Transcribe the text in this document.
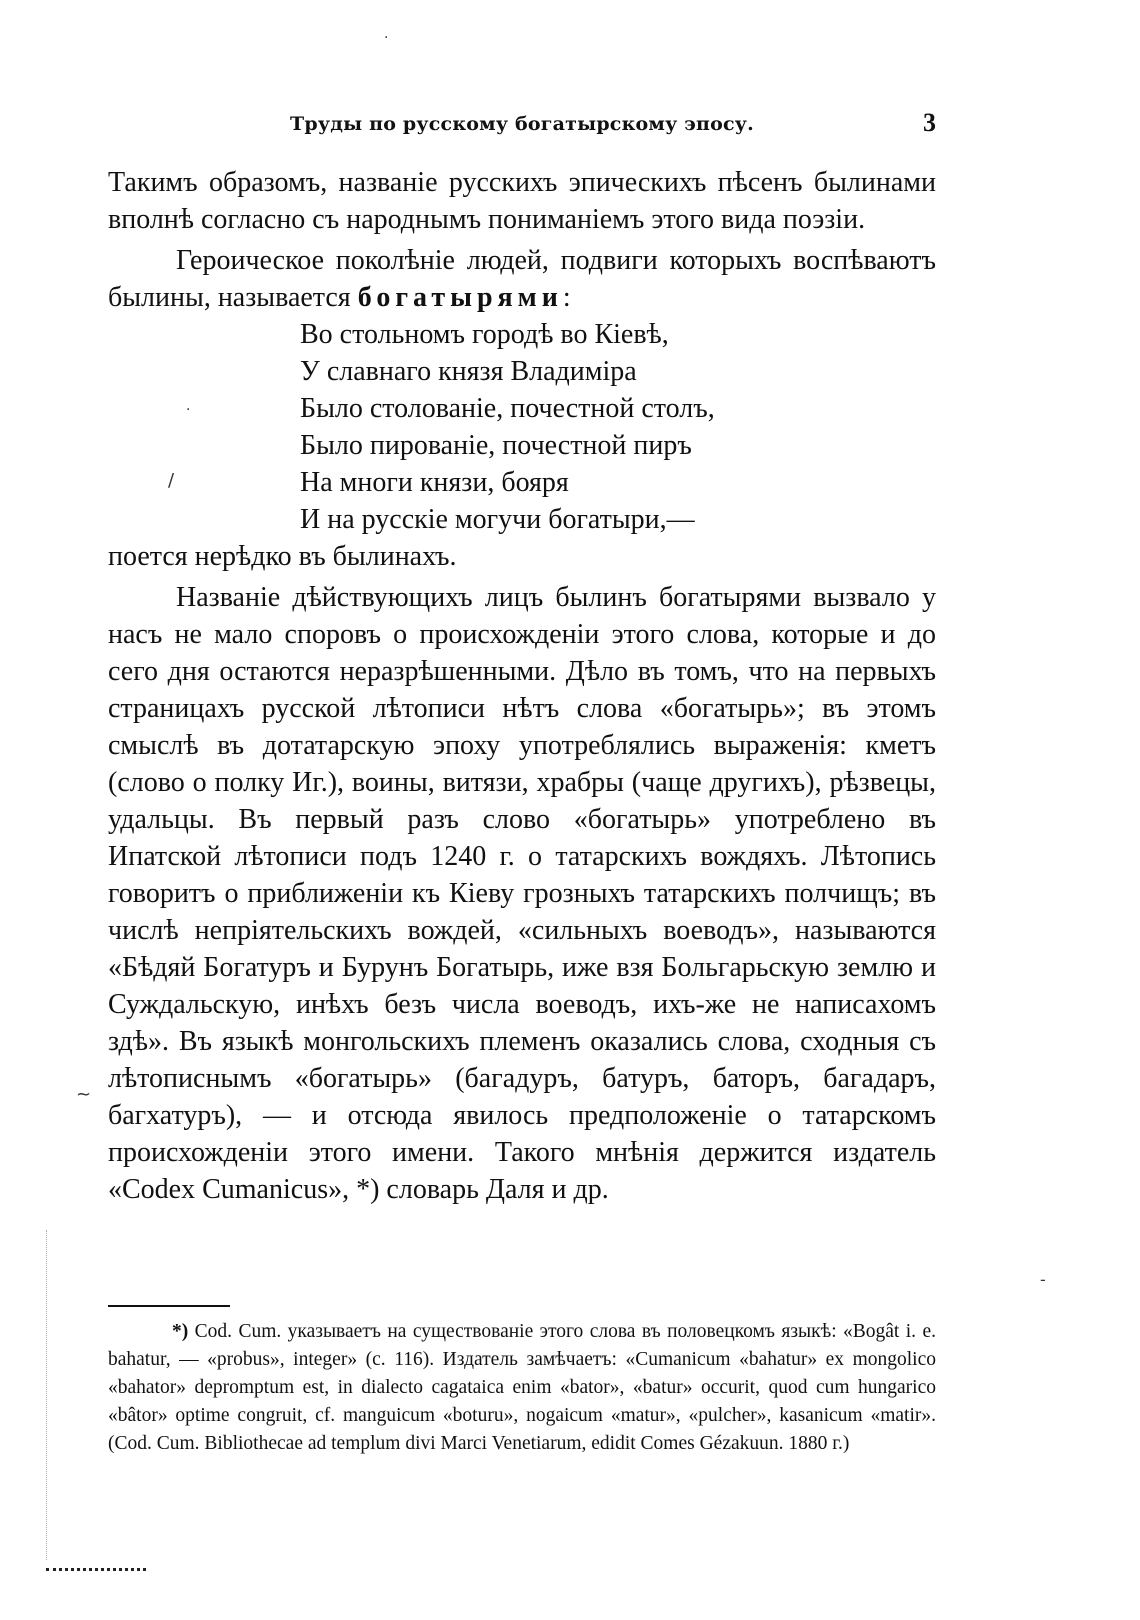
Труды по русскому богатырскому эпосу.	3

Такимъ образомъ, названіе русскихъ эпическихъ пѣсенъ былинами вполнѣ согласно съ народнымъ пониманіемъ этого вида поэзіи.

Героическое поколѣніе людей, подвиги которыхъ воспѣваютъ былины, называется богатырями:

Во стольномъ городѣ во Кіевѣ,
У славнаго князя Владиміра
Было столованіе, почестной столъ,
Было пированіе, почестной пиръ
На многи князи, бояря
И на русскіе могучи богатыри,—

поется нерѣдко въ былинахъ.

Названіе дѣйствующихъ лицъ былинъ богатырями вызвало у насъ не мало споровъ о происхожденіи этого слова, которые и до сего дня остаются неразрѣшенными. Дѣло въ томъ, что на первыхъ страницахъ русской лѣтописи нѣтъ слова «богатырь»; въ этомъ смыслѣ въ дотатарскую эпоху употреблялись выраженія: кметъ (слово о полку Иг.), воины, витязи, храбры (чаще другихъ), рѣзвецы, удальцы. Въ первый разъ слово «богатырь» употреблено въ Ипатской лѣтописи подъ 1240 г. о татарскихъ вождяхъ. Лѣтопись говоритъ о приближеніи къ Кіеву грозныхъ татарскихъ полчищъ; въ числѣ непріятельскихъ вождей, «сильныхъ воеводъ», называются «Бѣдяй Богатуръ и Бурунъ Богатырь, иже взя Больгарьскую землю и Суждальскую, инѣхъ безъ числа воеводъ, ихъ-же не написахомъ здѣ». Въ языкѣ монгольскихъ племенъ оказались слова, сходныя съ лѣтописнымъ «богатырь» (багадуръ, батуръ, баторъ, багадаръ, багхатуръ), — и отсюда явилось предположеніе о татарскомъ происхожденіи этого имени. Такого мнѣнія держится издатель «Codex Cumanicus», *) словарь Даля и др.

*) Cod. Cum. указываетъ на существованіе этого слова въ половецкомъ языкѣ: «Bogât i. e. bahatur, — «probus», integer» (c. 116). Издатель замѣчаетъ: «Cumanicum «bahatur» ex mongolico «bahator» depromptum est, in dialecto cagataica enim «bator», «batur» occurit, quod cum hungarico «bâtor» optime congruit, cf. manguicum «boturu», nogaicum «matur», «pulcher», kasanicum «matir». (Cod. Cum. Bibliothecae ad templum divi Marci Venetiarum, edidit Comes Gézakuun. 1880 г.)

·
·
/
~
-
